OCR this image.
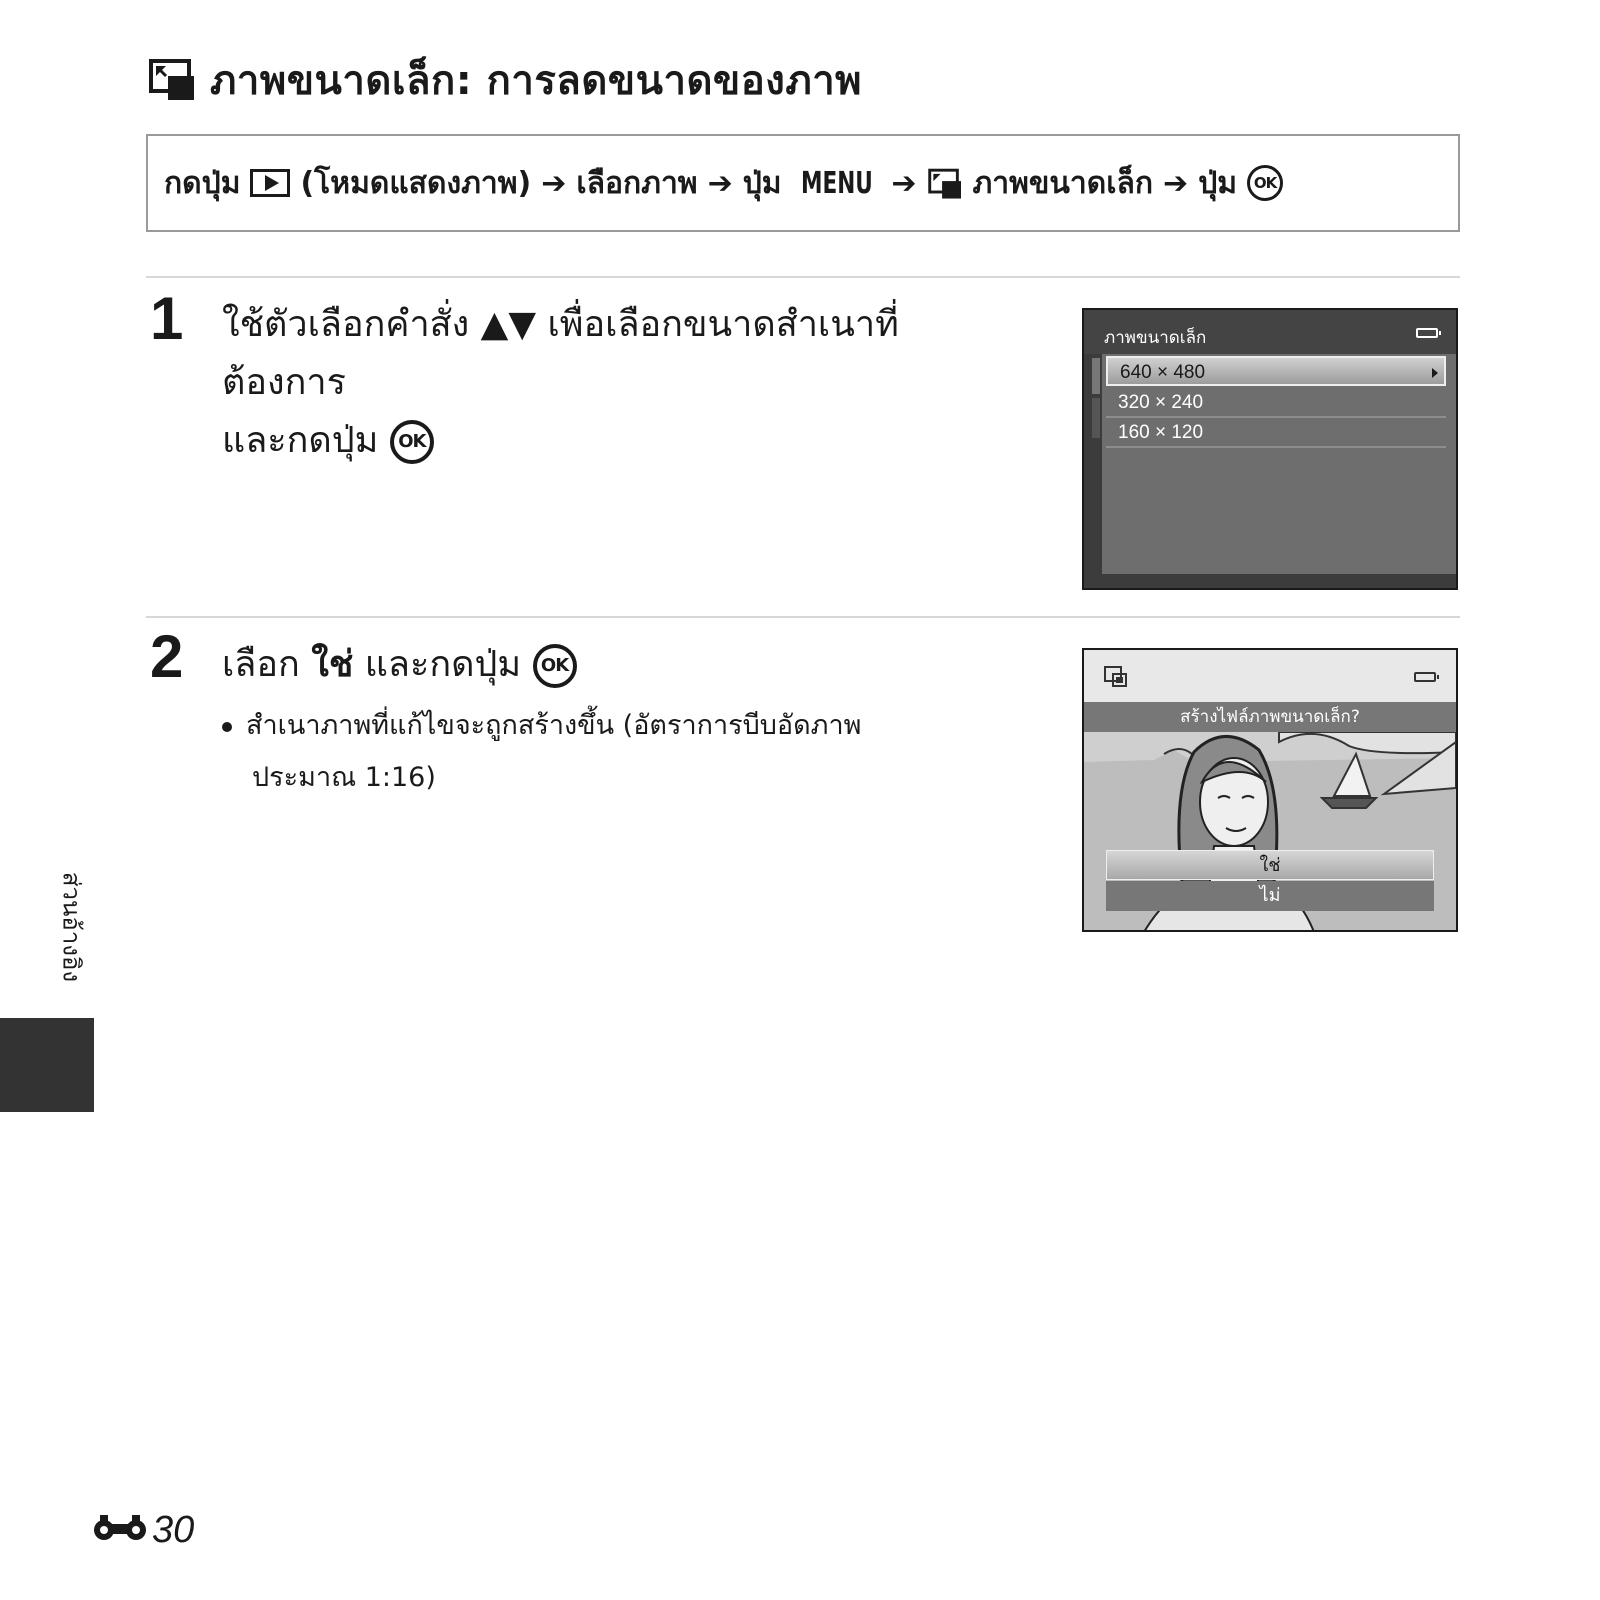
ภาพขนาดเล็ก: การลดขนาดของภาพ
กดปุ่ม (โหมดแสดงภาพ) ➔ เลือกภาพ ➔ ปุ่ม MENU ➔ ภาพขนาดเล็ก ➔ ปุ่ม	OK
1 ใช้ตัวเลือกคำสั่ง ▲▼ เพื่อเลือกขนาดสำเนาที่ต้องการ
และกดปุ่ม OK
ภาพขนาดเล็ก
640 × 480
320 × 240
160 × 120
2 เลือก ใช่ และกดปุ่ม OK
สำเนาภาพที่แก้ไขจะถูกสร้างขึ้น (อัตราการบีบอัดภาพ
ประมาณ 1:16)
สร้างไฟล์ภาพขนาดเล็ก?
ใช่
ไม่
ส่วนอ้างอิง
30
